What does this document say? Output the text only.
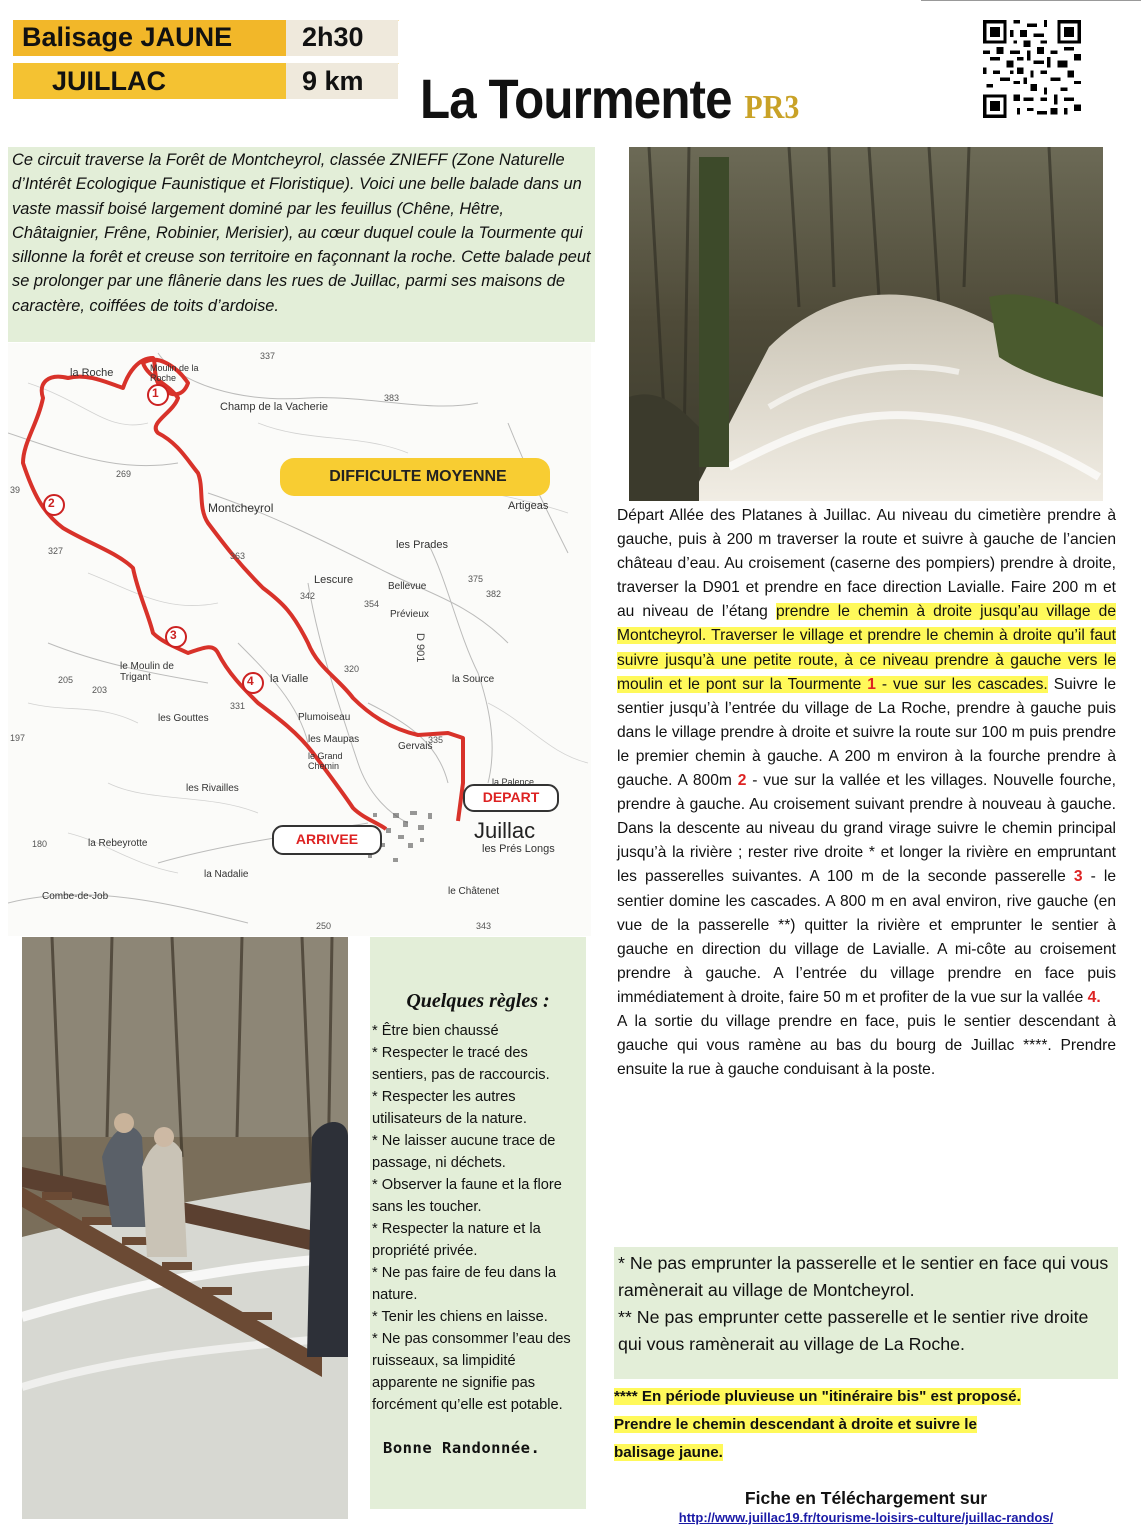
Balisage JAUNE	2h30
JUILLAC	9 km La Tourmente PR3
Ce circuit traverse la Forêt de Montcheyrol, classée ZNIEFF (Zone Naturelle d’Intérêt Ecologique Faunistique et Floristique). Voici une belle balade dans un vaste massif boisé largement dominé par les feuillus (Chêne, Hêtre, Châtaignier, Frêne, Robinier, Merisier), au cœur duquel coule la Tourmente qui sillonne la forêt et creuse son territoire en façonnant la roche. Cette balade peut se prolonger par une flânerie dans les rues de Juillac, parmi ses maisons de caractère, coiffées de toits d’ardoise.
DIFFICULTE MOYENNE
DEPART
ARRIVEE
1
2
3
4
la Roche	Moulin de la Roche
Champ de la Vacherie
Montcheyrol	Artigeas
les Prades
Lescure
Bellevue
Prévieux
le Moulin de Trigant	la Vialle	la Source
Plumoiseau
Gervais
les Gouttes
les Maupas
le Grand Chemin
les Rivailles
la Rebeyrotte
la Nadalie
Combe-de-Job
Juillac
les Prés Longs
le Châtenet
la Palence
337
383
269
39
327	363
342
354
375
382
205
203
331
320
335
197
180
250	343
D 901
Départ Allée des Platanes à Juillac. Au niveau du cimetière prendre à gauche, puis à 200 m traverser la route et suivre à gauche de l’ancien château d’eau. Au croisement (caserne des pompiers) prendre à droite, traverser la D901 et prendre en face direction Lavialle. Faire 200 m et au niveau de l’étang prendre le chemin à droite jusqu’au village de Montcheyrol. Traverser le village et prendre le chemin à droite qu’il faut suivre jusqu’à une petite route, à ce niveau prendre à gauche vers le moulin et le pont sur la Tourmente 1 - vue sur les cascades. Suivre le sentier jusqu’à l’entrée du village de La Roche, prendre à gauche puis dans le village prendre à droite et suivre la route sur 100 m puis prendre le premier chemin à gauche. A 200 m environ à la fourche prendre à gauche. A 800m 2 - vue sur la vallée et les villages. Nouvelle fourche, prendre à gauche. Au croisement suivant prendre à nouveau à gauche. Dans la descente au niveau du grand virage suivre le chemin principal jusqu’à la rivière ; rester rive droite * et longer la rivière en empruntant les passerelles suivantes. A 100 m de la seconde passerelle 3 - le sentier domine les cascades. A 800 m en aval environ, rive gauche (en vue de la passerelle **) quitter la rivière et emprunter le sentier à gauche en direction du village de Lavialle. A mi-côte au croisement prendre à gauche. A l’entrée du village prendre en face puis immédiatement à droite, faire 50 m et profiter de la vue sur la vallée 4.
A la sortie du village prendre en face, puis le sentier descendant à gauche qui vous ramène au bas du bourg de Juillac ****. Prendre ensuite la rue à gauche conduisant à la poste.
Quelques règles :
* Être bien chaussé
* Respecter le tracé des sentiers, pas de raccourcis.
* Respecter les autres utilisateurs de la nature.
* Ne laisser aucune trace de passage, ni déchets.
* Observer la faune et la flore sans les toucher.
* Respecter la nature et la propriété privée.
* Ne pas faire de feu dans la nature.
* Tenir les chiens en laisse.
* Ne pas consommer l’eau des ruisseaux, sa limpidité apparente ne signifie pas forcément qu’elle est potable.
Bonne Randonnée.
* Ne pas emprunter la passerelle et le sentier en face qui vous ramènerait au village de Montcheyrol.
** Ne pas emprunter cette passerelle et le sentier rive droite qui vous ramènerait au village de La Roche.
**** En période pluvieuse un "itinéraire bis" est proposé.
Prendre le chemin descendant à droite et suivre le
balisage jaune.
Fiche en Téléchargement sur
http://www.juillac19.fr/tourisme-loisirs-culture/juillac-randos/
